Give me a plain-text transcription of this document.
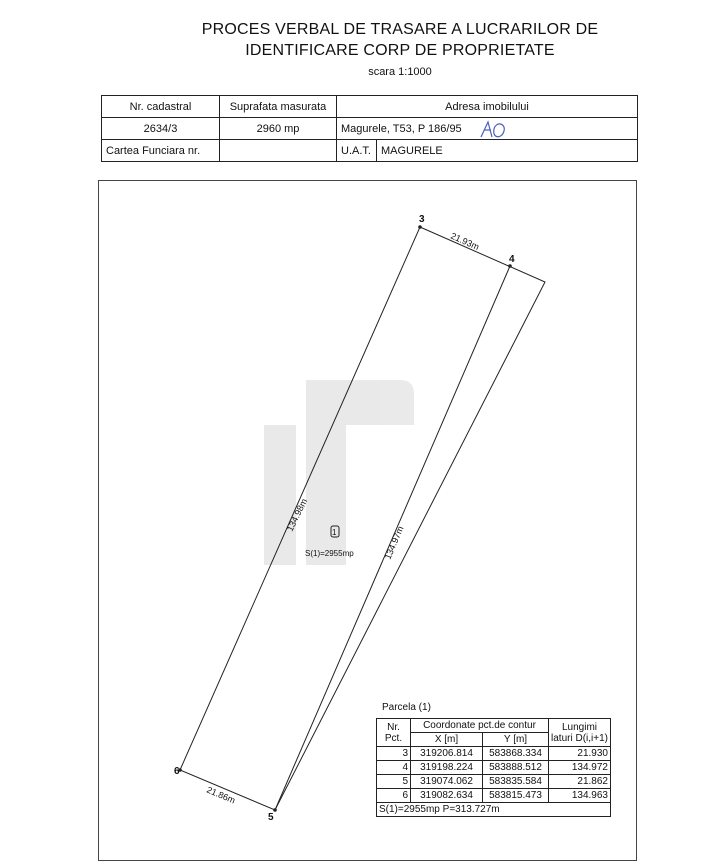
PROCES VERBAL DE TRASARE A LUCRARILOR DE
IDENTIFICARE CORP DE PROPRIETATE
scara 1:1000
Nr. cadastral	Suprafata masurata	Adresa imobilului	
2634/3	2960 mp	Magurele, T53, P 186/95	
Cartea Funciara nr.		U.A.T.	MAGURELE
3
4
5
6
21.93m
134.97m
21.86m
134.98m	1
S(1)=2955mp
Parcela (1)
Nr. Pct.	Coordonate pct.de contur		Lungimi laturi D(i,i+1)
	X [m]	Y [m]	
3	319206.814	583868.334	21.930
4	319198.224	583888.512	134.972
5	319074.062	583835.584	21.862
6	319082.634	583815.473	134.963
S(1)=2955mp P=313.727m			
